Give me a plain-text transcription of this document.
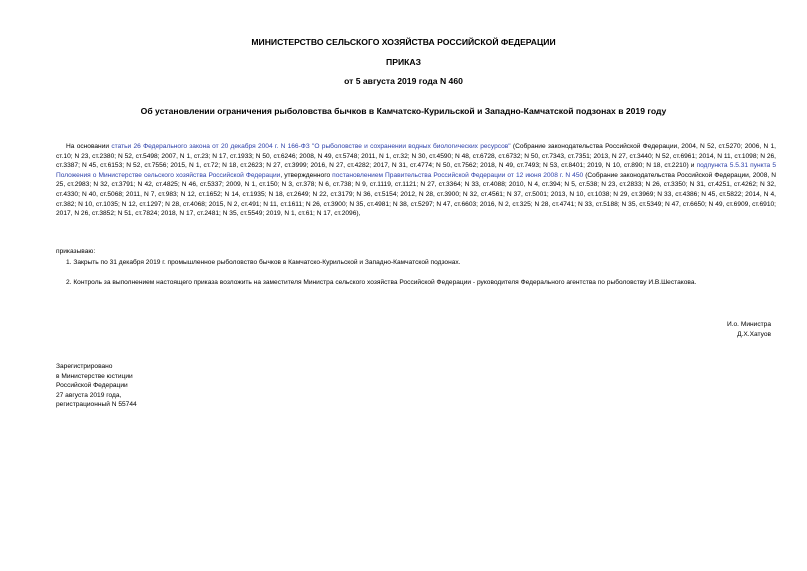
МИНИСТЕРСТВО СЕЛЬСКОГО ХОЗЯЙСТВА РОССИЙСКОЙ ФЕДЕРАЦИИ
ПРИКАЗ
от 5 августа 2019 года N 460
Об установлении ограничения рыболовства бычков в Камчатско-Курильской и Западно-Камчатской подзонах в 2019 году
На основании статьи 26 Федерального закона от 20 декабря 2004 г. N 166-ФЗ "О рыболовстве и сохранении водных биологических ресурсов" (Собрание законодательства Российской Федерации, 2004, N 52, ст.5270; 2006, N 1, ст.10; N 23, ст.2380; N 52, ст.5498; 2007, N 1, ст.23; N 17, ст.1933; N 50, ст.6246; 2008, N 49, ст.5748; 2011, N 1, ст.32; N 30, ст.4590; N 48, ст.6728, ст.6732; N 50, ст.7343, ст.7351; 2013, N 27, ст.3440; N 52, ст.6961; 2014, N 11, ст.1098; N 26, ст.3387; N 45, ст.6153; N 52, ст.7556; 2015, N 1, ст.72; N 18, ст.2623; N 27, ст.3999; 2016, N 27, ст.4282; 2017, N 31, ст.4774; N 50, ст.7562; 2018, N 49, ст.7493; N 53, ст.8401; 2019, N 10, ст.890; N 18, ст.2210) и подпункта 5.5.31 пункта 5 Положения о Министерстве сельского хозяйства Российской Федерации, утвержденного постановлением Правительства Российской Федерации от 12 июня 2008 г. N 450 (Собрание законодательства Российской Федерации, 2008, N 25, ст.2983; N 32, ст.3791; N 42, ст.4825; N 46, ст.5337; 2009, N 1, ст.150; N 3, ст.378; N 6, ст.738; N 9, ст.1119, ст.1121; N 27, ст.3364; N 33, ст.4088; 2010, N 4, ст.394; N 5, ст.538; N 23, ст.2833; N 26, ст.3350; N 31, ст.4251, ст.4262; N 32, ст.4330; N 40, ст.5068; 2011, N 7, ст.983; N 12, ст.1652; N 14, ст.1935; N 18, ст.2649; N 22, ст.3179; N 36, ст.5154; 2012, N 28, ст.3900; N 32, ст.4561; N 37, ст.5001; 2013, N 10, ст.1038; N 29, ст.3969; N 33, ст.4386; N 45, ст.5822; 2014, N 4, ст.382; N 10, ст.1035; N 12, ст.1297; N 28, ст.4068; 2015, N 2, ст.491; N 11, ст.1611; N 26, ст.3900; N 35, ст.4981; N 38, ст.5297; N 47, ст.6603; 2016, N 2, ст.325; N 28, ст.4741; N 33, ст.5188; N 35, ст.5349; N 47, ст.6650; N 49, ст.6909, ст.6910; 2017, N 26, ст.3852; N 51, ст.7824; 2018, N 17, ст.2481; N 35, ст.5549; 2019, N 1, ст.61; N 17, ст.2096),
приказываю:
1. Закрыть по 31 декабря 2019 г. промышленное рыболовство бычков в Камчатско-Курильской и Западно-Камчатской подзонах.
2. Контроль за выполнением настоящего приказа возложить на заместителя Министра сельского хозяйства Российской Федерации - руководителя Федерального агентства по рыболовству И.В.Шестакова.
И.о. Министра
Д.Х.Хатуов
Зарегистрировано
в Министерстве юстиции
Российской Федерации
27 августа 2019 года,
регистрационный N 55744
